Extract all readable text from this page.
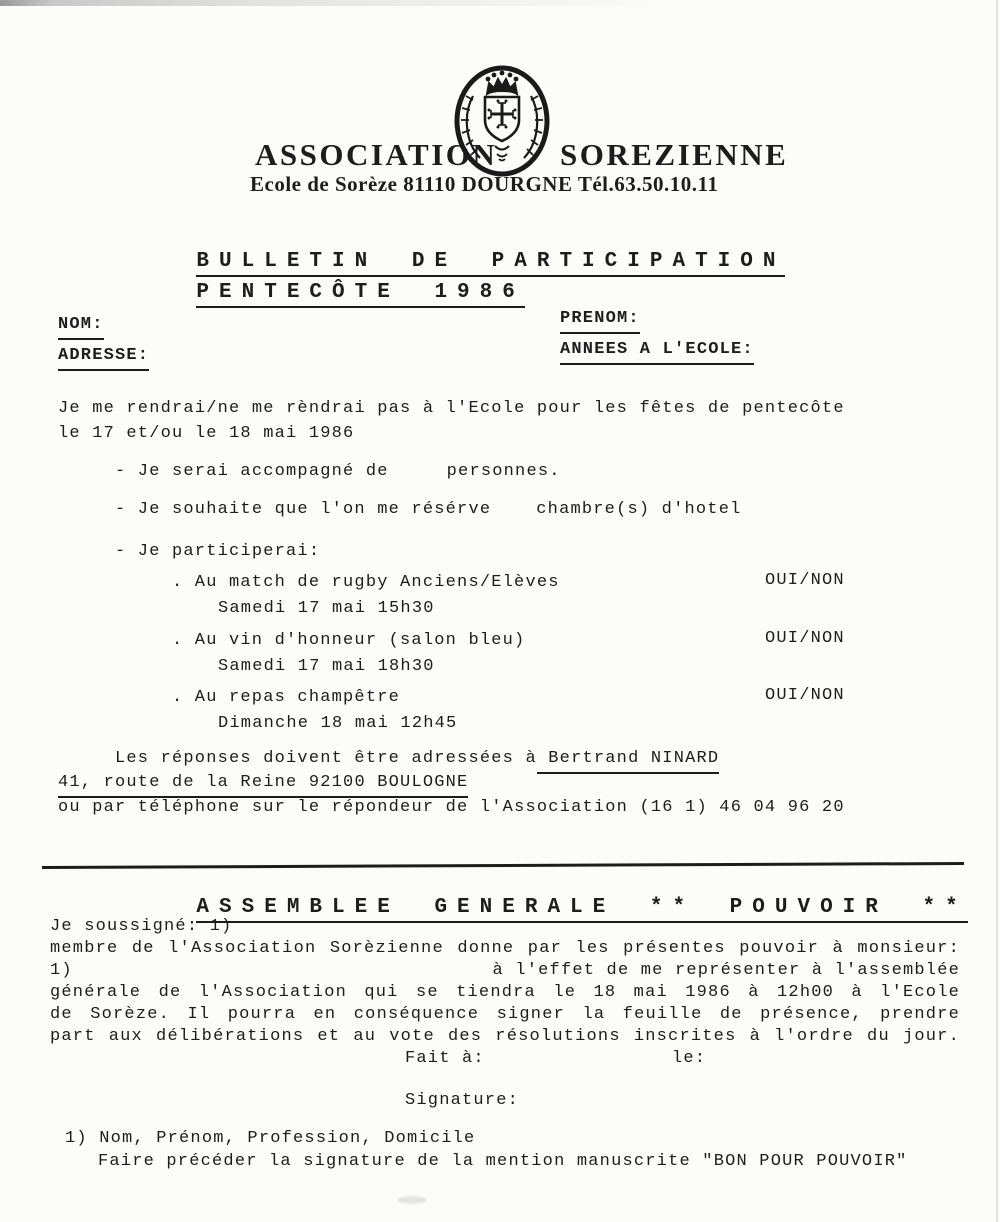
ASSOCIATION SOREZIENNE
Ecole de Sorèze 81110 DOURGNE Tél.63.50.10.11

BULLETIN DE PARTICIPATION

PENTECÔTE 1986

NOM:	PRENOM:
ADRESSE:	ANNEES A L'ECOLE:
Je me rendrai/ne me rèndrai pas à l'Ecole pour les fêtes de pentecôte
le 17 et/ou le 18 mai 1986
- Je serai accompagné de	personnes.
- Je souhaite que l'on me résérve	chambre(s) d'hotel
- Je participerai:
. Au match de rugby Anciens/Elèves
Samedi 17 mai 15h30
OUI/NON
. Au vin d'honneur (salon bleu)
Samedi 17 mai 18h30
OUI/NON
. Au repas champêtre
Dimanche 18 mai 12h45
OUI/NON
Les réponses doivent être adressées à Bertrand NINARD
41, route de la Reine 92100 BOULOGNE
ou par téléphone sur le répondeur de l'Association (16 1) 46 04 96 20

ASSEMBLEE GENERALE ** POUVOIR **

Je soussigné: 1)
membre de l'Association Sorèzienne donne par les présentes pouvoir à monsieur:
1)	à l'effet de me représenter à l'assemblée
générale de l'Association qui se tiendra le 18 mai 1986 à 12h00 à l'Ecole
de Sorèze. Il pourra en conséquence signer la feuille de présence, prendre
part aux délibérations et au vote des résolutions inscrites à l'ordre du jour.
Fait à:	le:
Signature:
1) Nom, Prénom, Profession, Domicile
Faire précéder la signature de la mention manuscrite "BON POUR POUVOIR"
